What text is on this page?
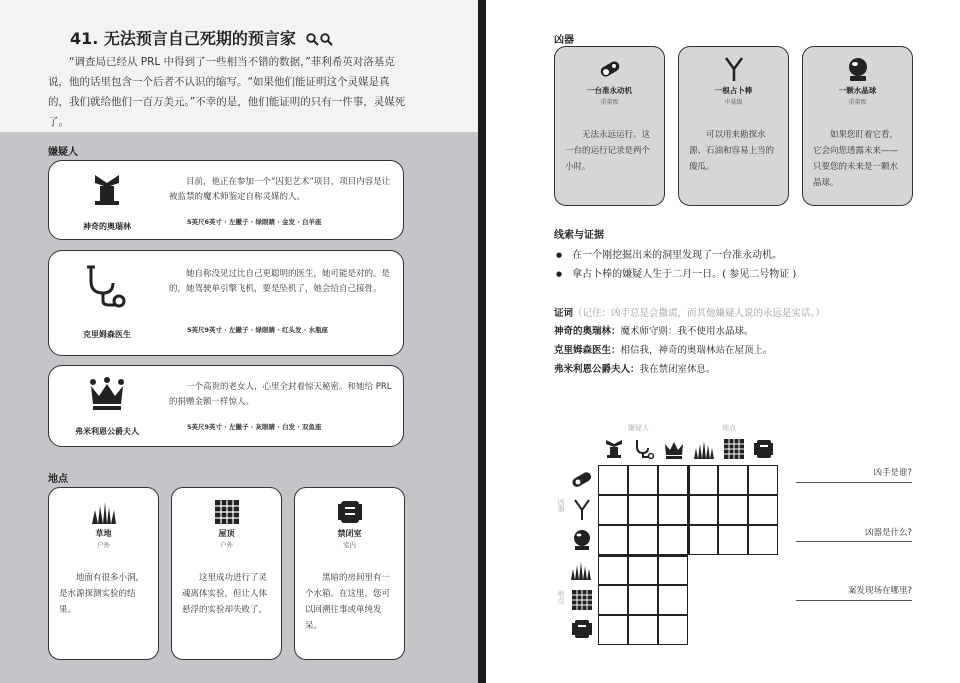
41. 无法预言自己死期的预言家
“调查局已经从 PRL 中得到了一些相当不错的数据，”菲利希英对洛基克说，他的话里包含一个后者不认识的缩写。“如果他们能证明这个灵媒是真的，我们就给他们一百万美元。”不幸的是，他们能证明的只有一件事，灵媒死了。
嫌疑人
神奇的奥瑞林
目前，他正在参加一个“囚犯艺术”项目，项目内容是让被监禁的魔术师鉴定自称灵媒的人。
5英尺6英寸 · 左撇子 · 绿眼睛 · 金发 · 白羊座
克里姆森医生
她自称没见过比自己更聪明的医生，她可能是对的。是的，她驾驶单引擎飞机，要是坠机了，她会给自己接骨。
5英尺9英寸 · 左撇子 · 绿眼睛 · 红头发 · 水瓶座
弗米利恩公爵夫人
一个高贵的老女人，心里全封着惊天秘密。和她给 PRL 的捐赠金额一样惊人。
5英尺9英寸 · 左撇子 · 灰眼睛 · 白发 · 双鱼座
地点
草地
户外
地面有很多小洞，是水源探测实验的结果。
屋顶
户外
这里成功进行了灵魂离体实验，但让人体悬浮的实验却失败了。
禁闭室
室内
黑暗的房间里有一个水箱。在这里，您可以回溯往事或单纯发呆。
凶器
一台准永动机
重量级
无法永远运行。这一台的运行记录是两个小时。
一根占卜棒
中量级
可以用来勘探水源、石油和容易上当的傻瓜。
一颗水晶球
重量级
如果您盯着它看，它会向您透露未来——只要您的未来是一颗水晶球。
线索与证据
● 在一个刚挖掘出来的洞里发现了一台准永动机。
● 拿占卜棒的嫌疑人生于二月一日。( 参见二号物证 )
证词（记住：凶手总是会撒谎，而其他嫌疑人说的永远是实话。）
神奇的奥瑞林：魔术师守则：我不使用水晶球。
克里姆森医生：相信我，神奇的奥瑞林站在屋顶上。
弗米利恩公爵夫人：我在禁闭室休息。
嫌疑人	地点
凶器
地点
凶手是谁?
凶器是什么?
案发现场在哪里?
